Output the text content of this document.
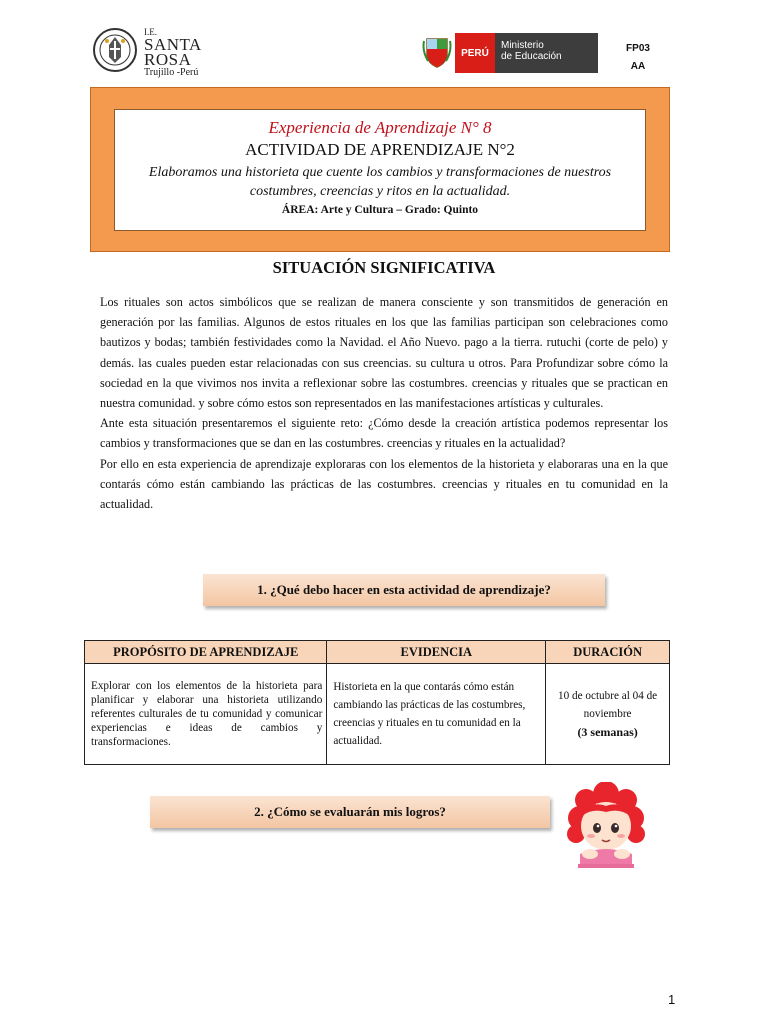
I.E.
SANTA
ROSA
Trujillo -Perú
PERÚ
Ministerio
de Educación
FP03
AA
Experiencia de Aprendizaje N° 8
ACTIVIDAD DE APRENDIZAJE N°2
Elaboramos una historieta que cuente los cambios y transformaciones de nuestros costumbres, creencias y ritos en la actualidad.
ÁREA: Arte y Cultura – Grado: Quinto
SITUACIÓN SIGNIFICATIVA

Los rituales son actos simbólicos que se realizan de manera consciente y son transmitidos de generación en generación por las familias. Algunos de estos rituales en los que las familias participan son celebraciones como bautizos y bodas; también festividades como la Navidad. el Año Nuevo. pago a la tierra. rutuchi (corte de pelo) y demás. las cuales pueden estar relacionadas con sus creencias. su cultura u otros. Para Profundizar sobre cómo la sociedad en la que vivimos nos invita a reflexionar sobre las costumbres. creencias y rituales que se practican en nuestra comunidad. y sobre cómo estos son representados en las manifestaciones artísticas y culturales.

Ante esta situación presentaremos el siguiente reto: ¿Cómo desde la creación artística podemos representar los cambios y transformaciones que se dan en las costumbres. creencias y rituales en la actualidad?

Por ello en esta experiencia de aprendizaje exploraras con los elementos de la historieta y elaboraras una en la que contarás cómo están cambiando las prácticas de las costumbres. creencias y rituales en tu comunidad en la actualidad.

1. ¿Qué debo hacer en esta actividad de aprendizaje?
PROPÓSITO DE APRENDIZAJE	EVIDENCIA	DURACIÓN
Explorar con los elementos de la historieta para planificar y elaborar una historieta utilizando referentes culturales de tu comunidad y comunicar experiencias e ideas de cambios y transformaciones.	Historieta en la que contarás cómo están cambiando las prácticas de las costumbres, creencias y rituales en tu comunidad en la actualidad.	10 de octubre al 04 de noviembre
(3 semanas)
2. ¿Cómo se evaluarán mis logros?
1
